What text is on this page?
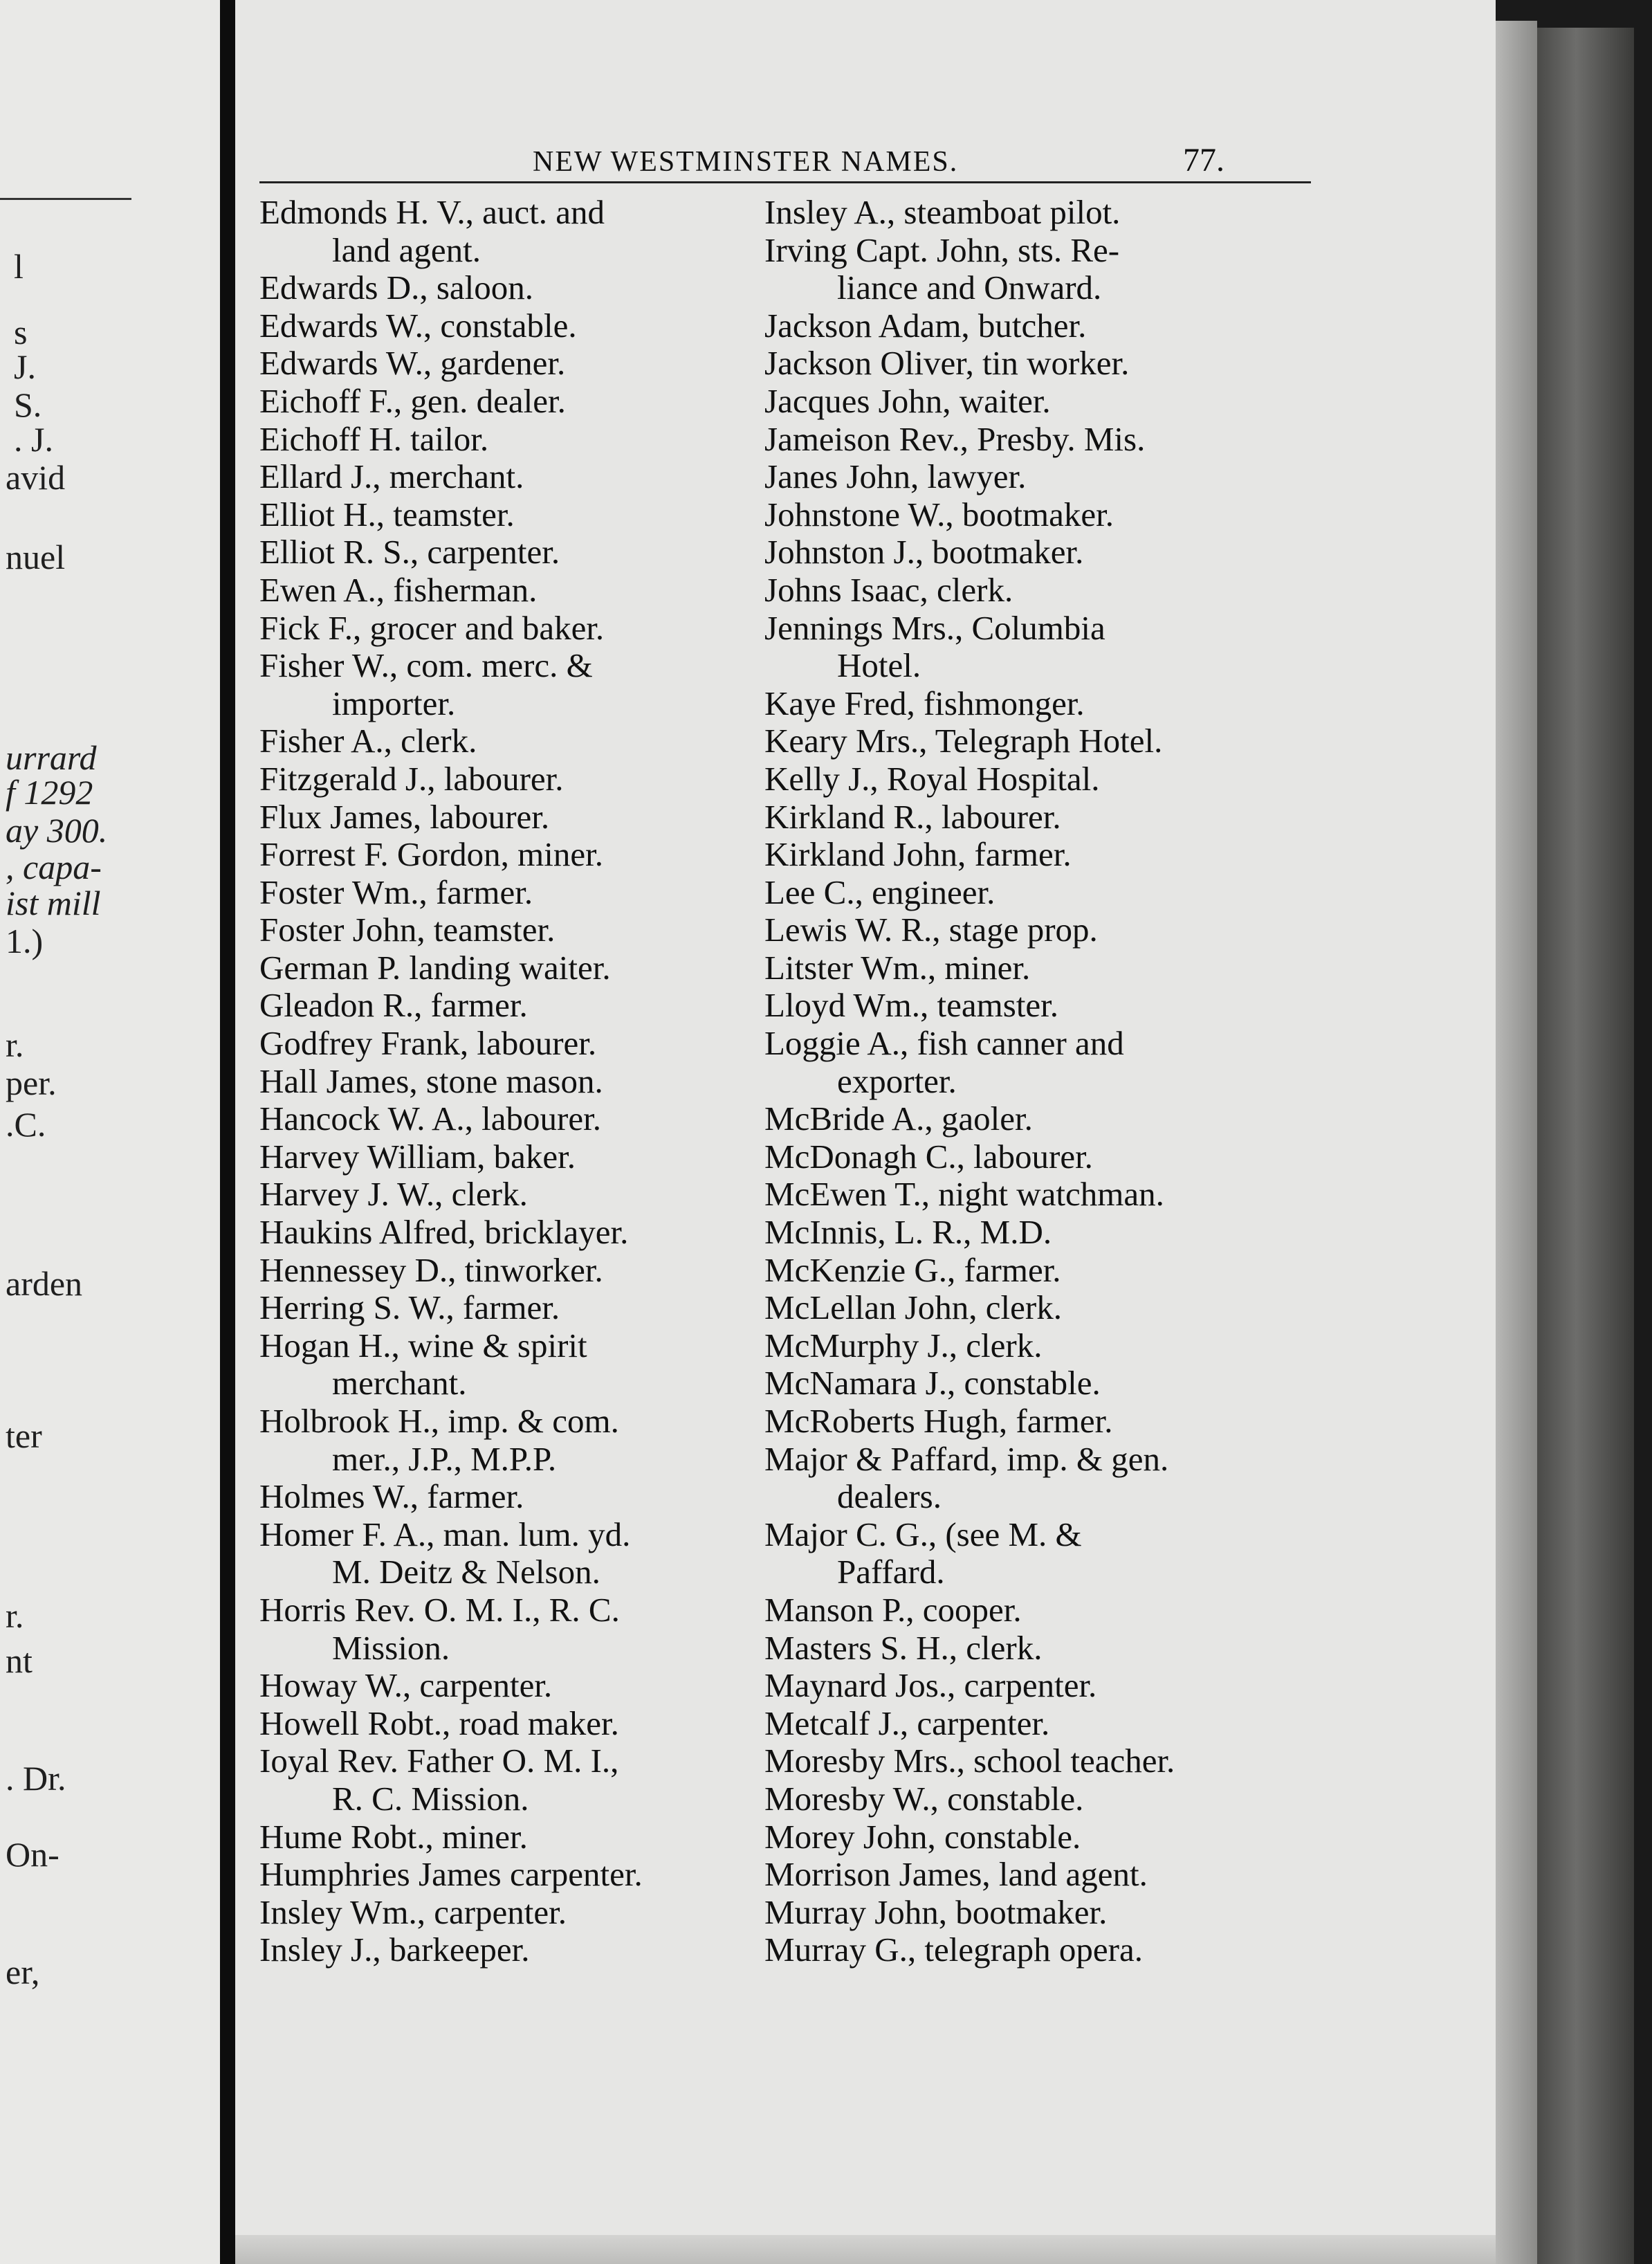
l
s
J.
S.
. J.
avid
nuel
urrard
f 1292
ay 300.
, capa-
ist mill
1.)
r.
per.
.C.
arden
ter
r.
nt
. Dr.
On-
er,
NEW WESTMINSTER NAMES.	77.
Edmonds H. V., auct. and
land agent.
Edwards D., saloon.
Edwards W., constable.
Edwards W., gardener.
Eichoff F., gen. dealer.
Eichoff H. tailor.
Ellard J., merchant.
Elliot H., teamster.
Elliot R. S., carpenter.
Ewen A., fisherman.
Fick F., grocer and baker.
Fisher W., com. merc. &
importer.
Fisher A., clerk.
Fitzgerald J., labourer.
Flux James, labourer.
Forrest F. Gordon, miner.
Foster Wm., farmer.
Foster John, teamster.
German P. landing waiter.
Gleadon R., farmer.
Godfrey Frank, labourer.
Hall James, stone mason.
Hancock W. A., labourer.
Harvey William, baker.
Harvey J. W., clerk.
Haukins Alfred, bricklayer.
Hennessey D., tinworker.
Herring S. W., farmer.
Hogan H., wine & spirit
merchant.
Holbrook H., imp. & com.
mer., J.P., M.P.P.
Holmes W., farmer.
Homer F. A., man. lum. yd.
M. Deitz & Nelson.
Horris Rev. O. M. I., R. C.
Mission.
Howay W., carpenter.
Howell Robt., road maker.
Ioyal Rev. Father O. M. I.,
R. C. Mission.
Hume Robt., miner.
Humphries James carpenter.
Insley Wm., carpenter.
Insley J., barkeeper.
Insley A., steamboat pilot.
Irving Capt. John, sts. Re-
liance and Onward.
Jackson Adam, butcher.
Jackson Oliver, tin worker.
Jacques John, waiter.
Jameison Rev., Presby. Mis.
Janes John, lawyer.
Johnstone W., bootmaker.
Johnston J., bootmaker.
Johns Isaac, clerk.
Jennings Mrs., Columbia
Hotel.
Kaye Fred, fishmonger.
Keary Mrs., Telegraph Hotel.
Kelly J., Royal Hospital.
Kirkland R., labourer.
Kirkland John, farmer.
Lee C., engineer.
Lewis W. R., stage prop.
Litster Wm., miner.
Lloyd Wm., teamster.
Loggie A., fish canner and
exporter.
McBride A., gaoler.
McDonagh C., labourer.
McEwen T., night watchman.
McInnis, L. R., M.D.
McKenzie G., farmer.
McLellan John, clerk.
McMurphy J., clerk.
McNamara J., constable.
McRoberts Hugh, farmer.
Major & Paffard, imp. & gen.
dealers.
Major C. G., (see M. &
Paffard.
Manson P., cooper.
Masters S. H., clerk.
Maynard Jos., carpenter.
Metcalf J., carpenter.
Moresby Mrs., school teacher.
Moresby W., constable.
Morey John, constable.
Morrison James, land agent.
Murray John, bootmaker.
Murray G., telegraph opera.
